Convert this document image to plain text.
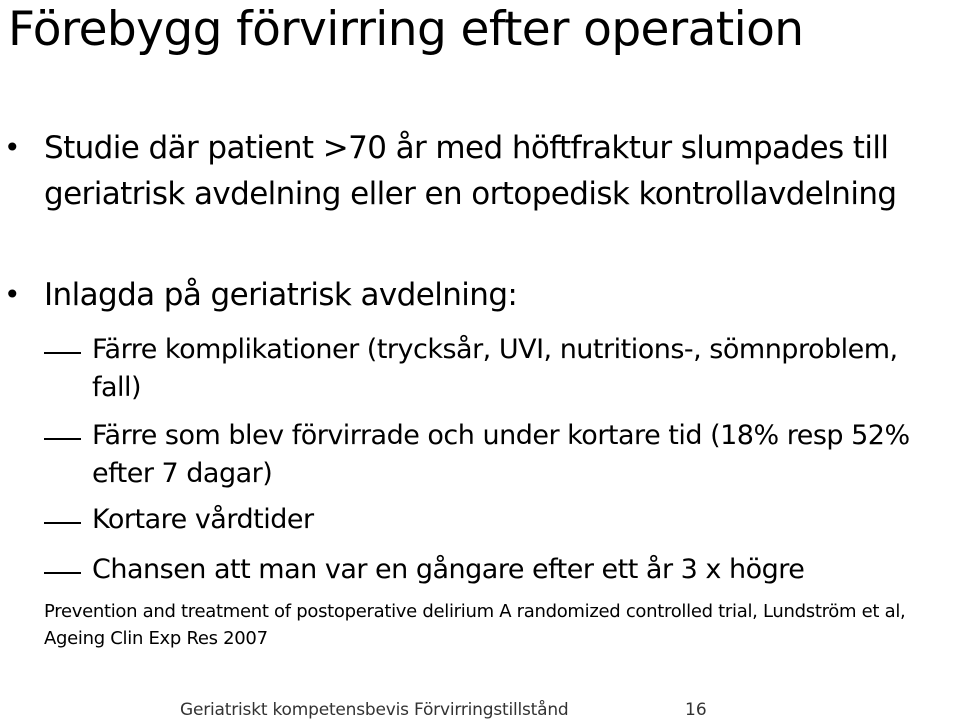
Förebygg förvirring efter operation
• Studie där patient >70 år med höftfraktur slumpades till geriatrisk avdelning eller en ortopedisk kontrollavdelning
• Inlagda på geriatrisk avdelning:
Färre komplikationer (trycksår, UVI, nutritions-, sömnproblem, fall)
Färre som blev förvirrade och under kortare tid (18% resp 52% efter 7 dagar)
Kortare vårdtider
Chansen att man var en gångare efter ett år 3 x högre
Prevention and treatment of postoperative delirium A randomized controlled trial, Lundström et al, Ageing Clin Exp Res 2007
Geriatriskt kompetensbevis Förvirringstillstånd	16
